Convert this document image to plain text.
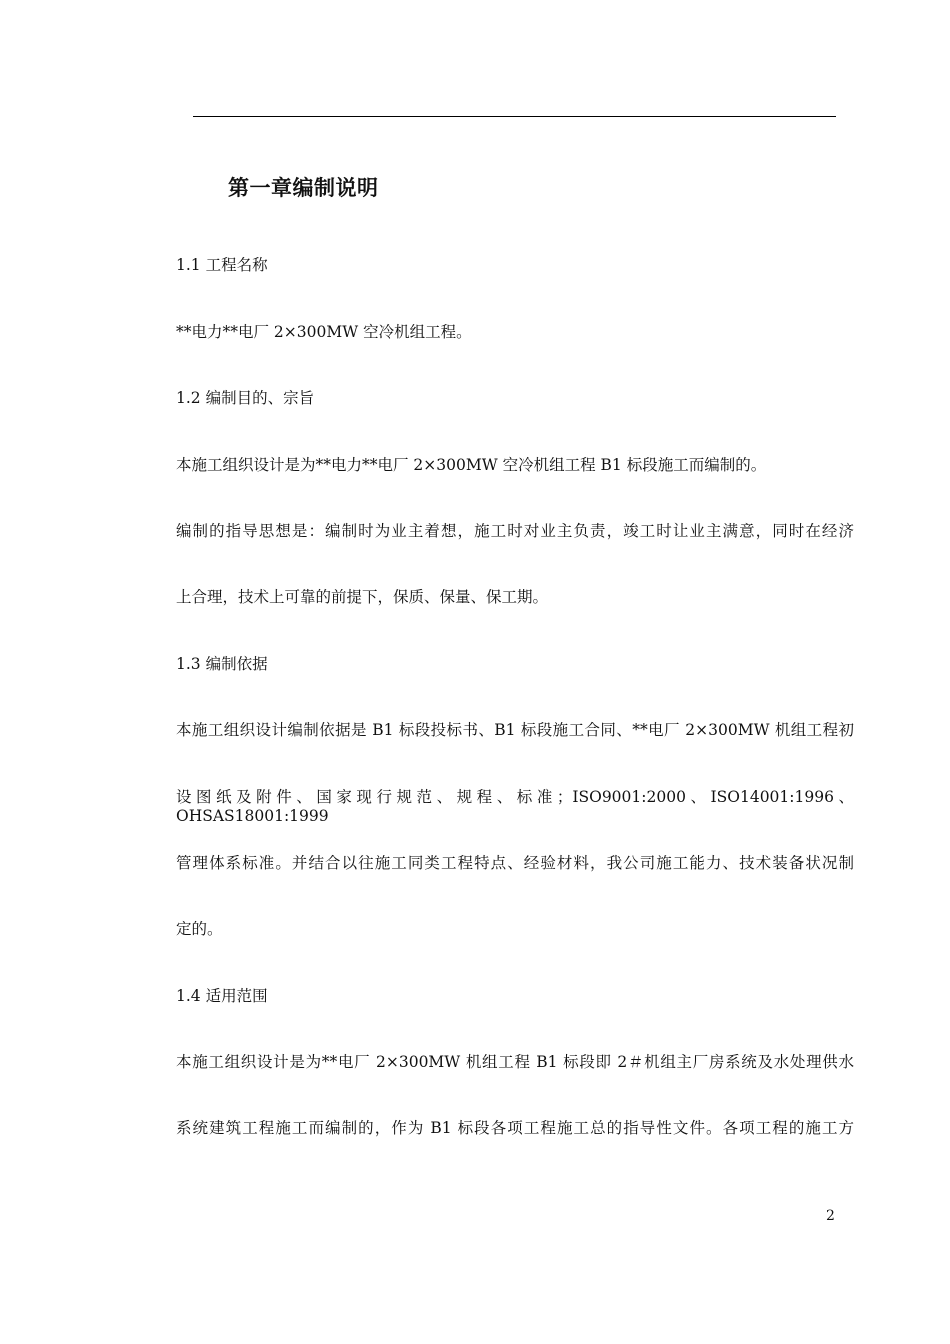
第一章编制说明
1.1 工程名称
**电力**电厂 2×300MW 空冷机组工程。
1.2 编制目的、宗旨
本施工组织设计是为**电力**电厂 2×300MW 空冷机组工程 B1 标段施工而编制的。
编制的指导思想是：编制时为业主着想，施工时对业主负责，竣工时让业主满意，同时在经济
上合理，技术上可靠的前提下，保质、保量、保工期。
1.3 编制依据
本施工组织设计编制依据是 B1 标段投标书、B1 标段施工合同、**电厂 2×300MW 机组工程初
设图纸及附件、国家现行规范、规程、标准；ISO9001:2000、ISO14001:1996、OHSAS18001:1999
管理体系标准。并结合以往施工同类工程特点、经验材料，我公司施工能力、技术装备状况制
定的。
1.4 适用范围
本施工组织设计是为**电厂 2×300MW 机组工程 B1 标段即 2＃机组主厂房系统及水处理供水
系统建筑工程施工而编制的，作为 B1 标段各项工程施工总的指导性文件。各项工程的施工方
2
